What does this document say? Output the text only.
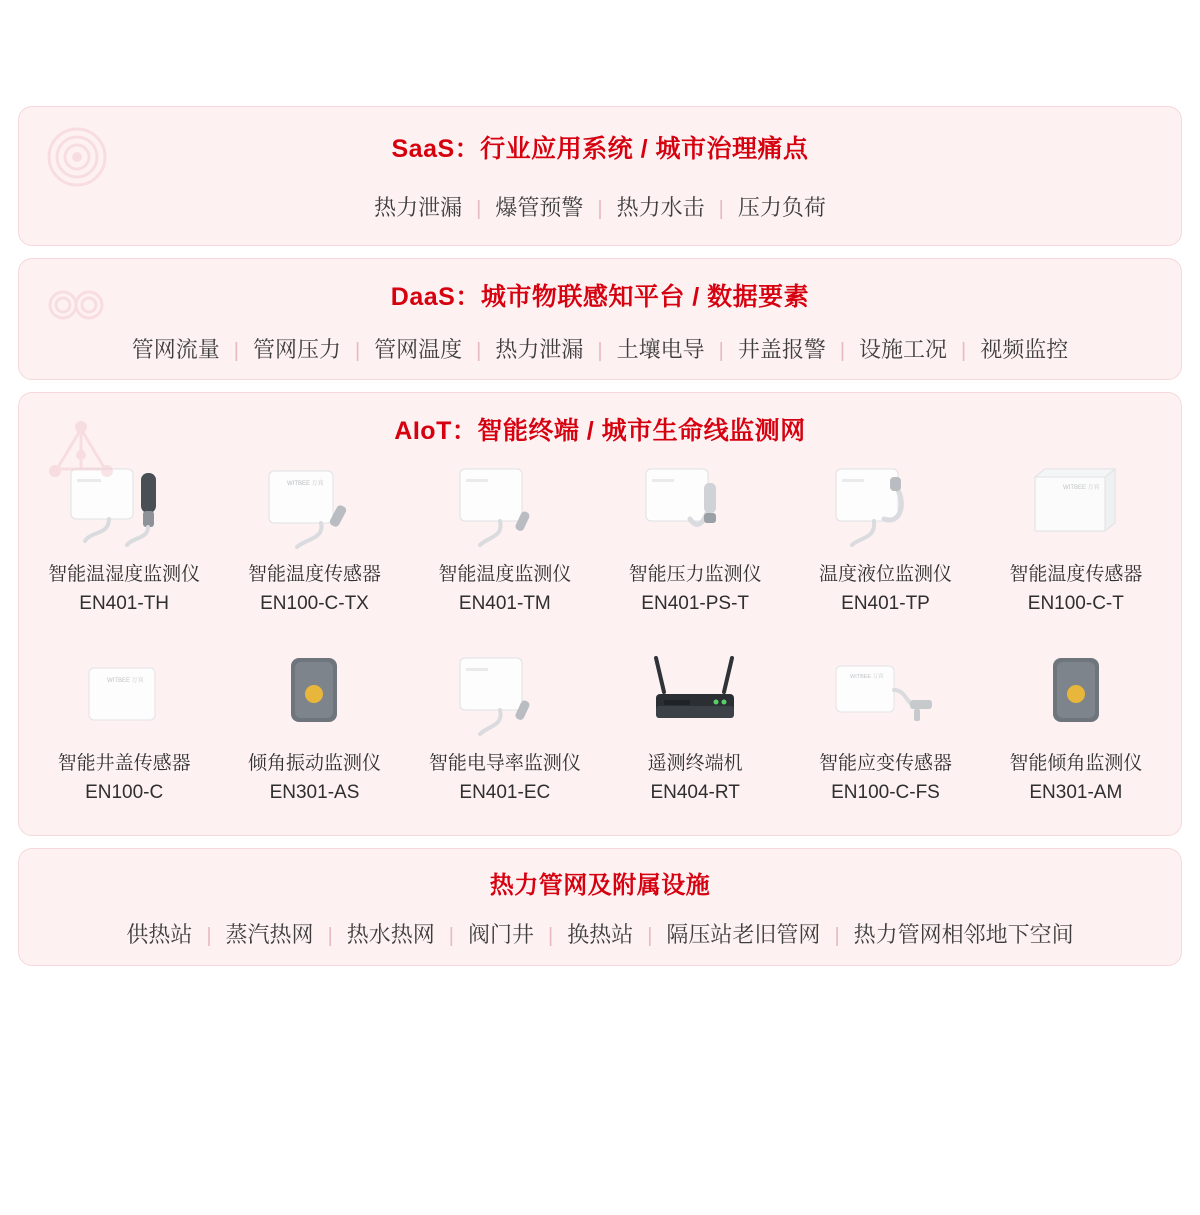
SaaS：行业应用系统 / 城市治理痛点
热力泄漏 | 爆管预警 | 热力水击 | 压力负荷
DaaS：城市物联感知平台 / 数据要素
管网流量 | 管网压力 | 管网温度 | 热力泄漏 | 土壤电导 | 井盖报警 | 设施工况 | 视频监控
AIoT：智能终端 / 城市生命线监测网
智能温湿度监测仪
EN401-TH
WITBEE 万宾
智能温度传感器
EN100-C-TX
智能温度监测仪
EN401-TM
智能压力监测仪
EN401-PS-T
温度液位监测仪
EN401-TP
WITBEE 万宾
智能温度传感器
EN100-C-T
WITBEE 万宾
智能井盖传感器
EN100-C
倾角振动监测仪
EN301-AS
智能电导率监测仪
EN401-EC
遥测终端机
EN404-RT
WITBEE 万宾
智能应变传感器
EN100-C-FS
智能倾角监测仪
EN301-AM
热力管网及附属设施
供热站 | 蒸汽热网 | 热水热网 | 阀门井 | 换热站 | 隔压站老旧管网 | 热力管网相邻地下空间
